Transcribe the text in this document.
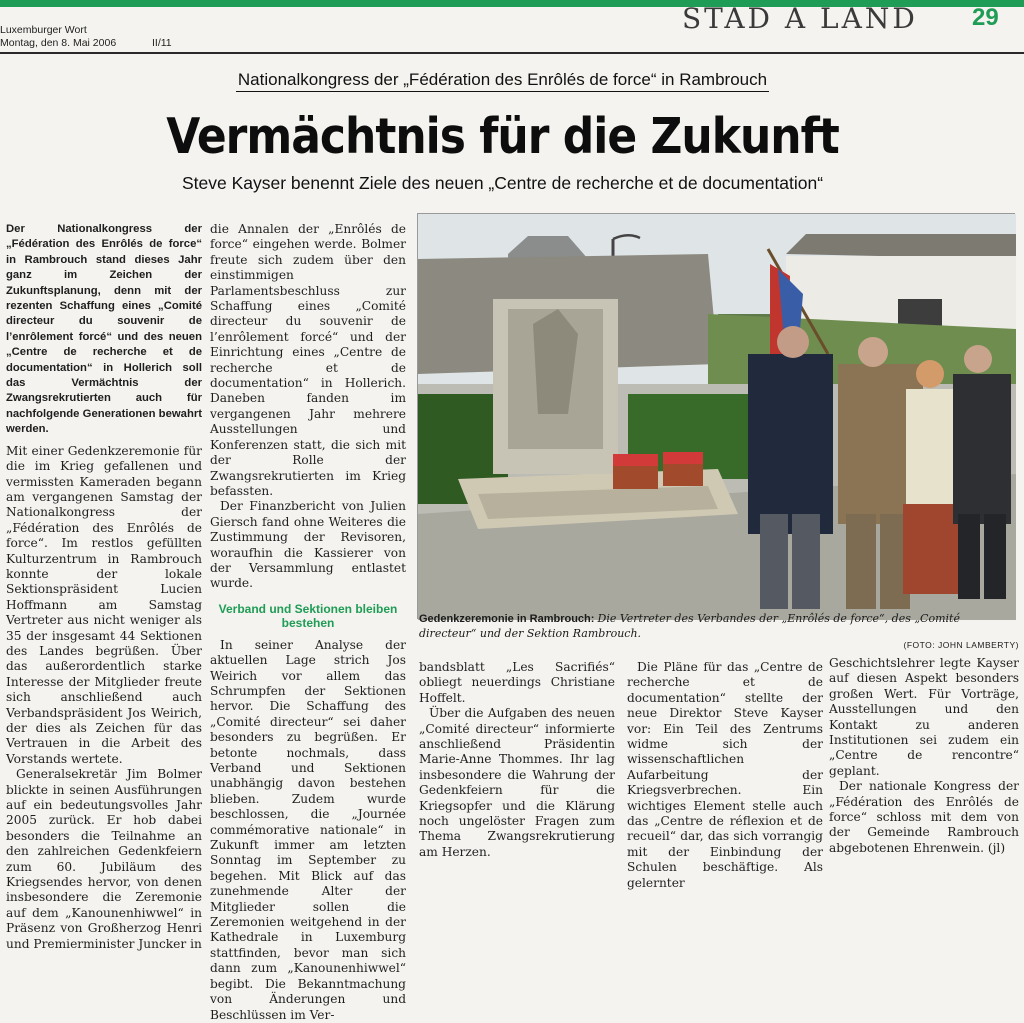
Luxemburger Wort
Montag, den 8. Mai 2006	II/11
STAD A LAND 29
Nationalkongress der „Fédération des Enrôlés de force“ in Rambrouch
Vermächtnis für die Zukunft
Steve Kayser benennt Ziele des neuen „Centre de recherche et de documentation“

Der Nationalkongress der „Fédération des Enrôlés de force“ in Rambrouch stand dieses Jahr ganz im Zeichen der Zukunftsplanung, denn mit der rezenten Schaffung eines „Comité directeur du souvenir de l’enrôlement forcé“ und des neuen „Centre de recherche et de documentation“ in Hollerich soll das Vermächtnis der Zwangsrekrutierten auch für nachfolgende Generationen bewahrt werden.

Mit einer Gedenkzeremonie für die im Krieg gefallenen und vermissten Kameraden begann am vergangenen Samstag der Nationalkongress der „Fédération des Enrôlés de force“. Im restlos gefüllten Kulturzentrum in Rambrouch konnte der lokale Sektionspräsident Lucien Hoffmann am Samstag Vertreter aus nicht weniger als 35 der insgesamt 44 Sektionen des Landes begrüßen. Über das außerordentlich starke Interesse der Mitglieder freute sich anschließend auch Verbandspräsident Jos Weirich, der dies als Zeichen für das Vertrauen in die Arbeit des Vorstands wertete.

Generalsekretär Jim Bolmer blickte in seinen Ausführungen auf ein bedeutungsvolles Jahr 2005 zurück. Er hob dabei besonders die Teilnahme an den zahlreichen Gedenkfeiern zum 60. Jubiläum des Kriegsendes hervor, von denen insbesondere die Zeremonie auf dem „Kanounenhiwwel“ in Präsenz von Großherzog Henri und Premierminister Juncker in

die Annalen der „Enrôlés de force“ eingehen werde. Bolmer freute sich zudem über den einstimmigen Parlamentsbeschluss zur Schaffung eines „Comité directeur du souvenir de l’enrôlement forcé“ und der Einrichtung eines „Centre de recherche et de documentation“ in Hollerich. Daneben fanden im vergangenen Jahr mehrere Ausstellungen und Konferenzen statt, die sich mit der Rolle der Zwangsrekrutierten im Krieg befassten.

Der Finanzbericht von Julien Giersch fand ohne Weiteres die Zustimmung der Revisoren, woraufhin die Kassierer von der Versammlung entlastet wurde.

Verband und Sektionen bleiben bestehen

In seiner Analyse der aktuellen Lage strich Jos Weirich vor allem das Schrumpfen der Sektionen hervor. Die Schaffung des „Comité directeur“ sei daher besonders zu begrüßen. Er betonte nochmals, dass Verband und Sektionen unabhängig davon bestehen blieben. Zudem wurde beschlossen, die „Journée commémorative nationale“ in Zukunft immer am letzten Sonntag im September zu begehen. Mit Blick auf das zunehmende Alter der Mitglieder sollen die Zeremonien weitgehend in der Kathedrale in Luxemburg stattfinden, bevor man sich dann zum „Kanounenhiwwel“ begibt. Die Bekanntmachung von Änderungen und Beschlüssen im Ver-

Gedenkzeremonie in Rambrouch: Die Vertreter des Verbandes der „Enrôlés de force“, des „Comité directeur“ und der Sektion Rambrouch.
(FOTO: JOHN LAMBERTY)

bandsblatt „Les Sacrifiés“ obliegt neuerdings Christiane Hoffelt.

Über die Aufgaben des neuen „Comité directeur“ informierte anschließend Präsidentin Marie-Anne Thommes. Ihr lag insbesondere die Wahrung der Gedenkfeiern für die Kriegsopfer und die Klärung noch ungelöster Fragen zum Thema Zwangsrekrutierung am Herzen.

Die Pläne für das „Centre de recherche et de documentation“ stellte der neue Direktor Steve Kayser vor: Ein Teil des Zentrums widme sich der wissenschaftlichen Aufarbeitung der Kriegsverbrechen. Ein wichtiges Element stelle auch das „Centre de réflexion et de recueil“ dar, das sich vorrangig mit der Einbindung der Schulen beschäftige. Als gelernter

Geschichtslehrer legte Kayser auf diesen Aspekt besonders großen Wert. Für Vorträge, Ausstellungen und den Kontakt zu anderen Institutionen sei zudem ein „Centre de rencontre“ geplant.

Der nationale Kongress der „Fédération des Enrôlés de force“ schloss mit dem von der Gemeinde Rambrouch abgebotenen Ehrenwein. (jl)
